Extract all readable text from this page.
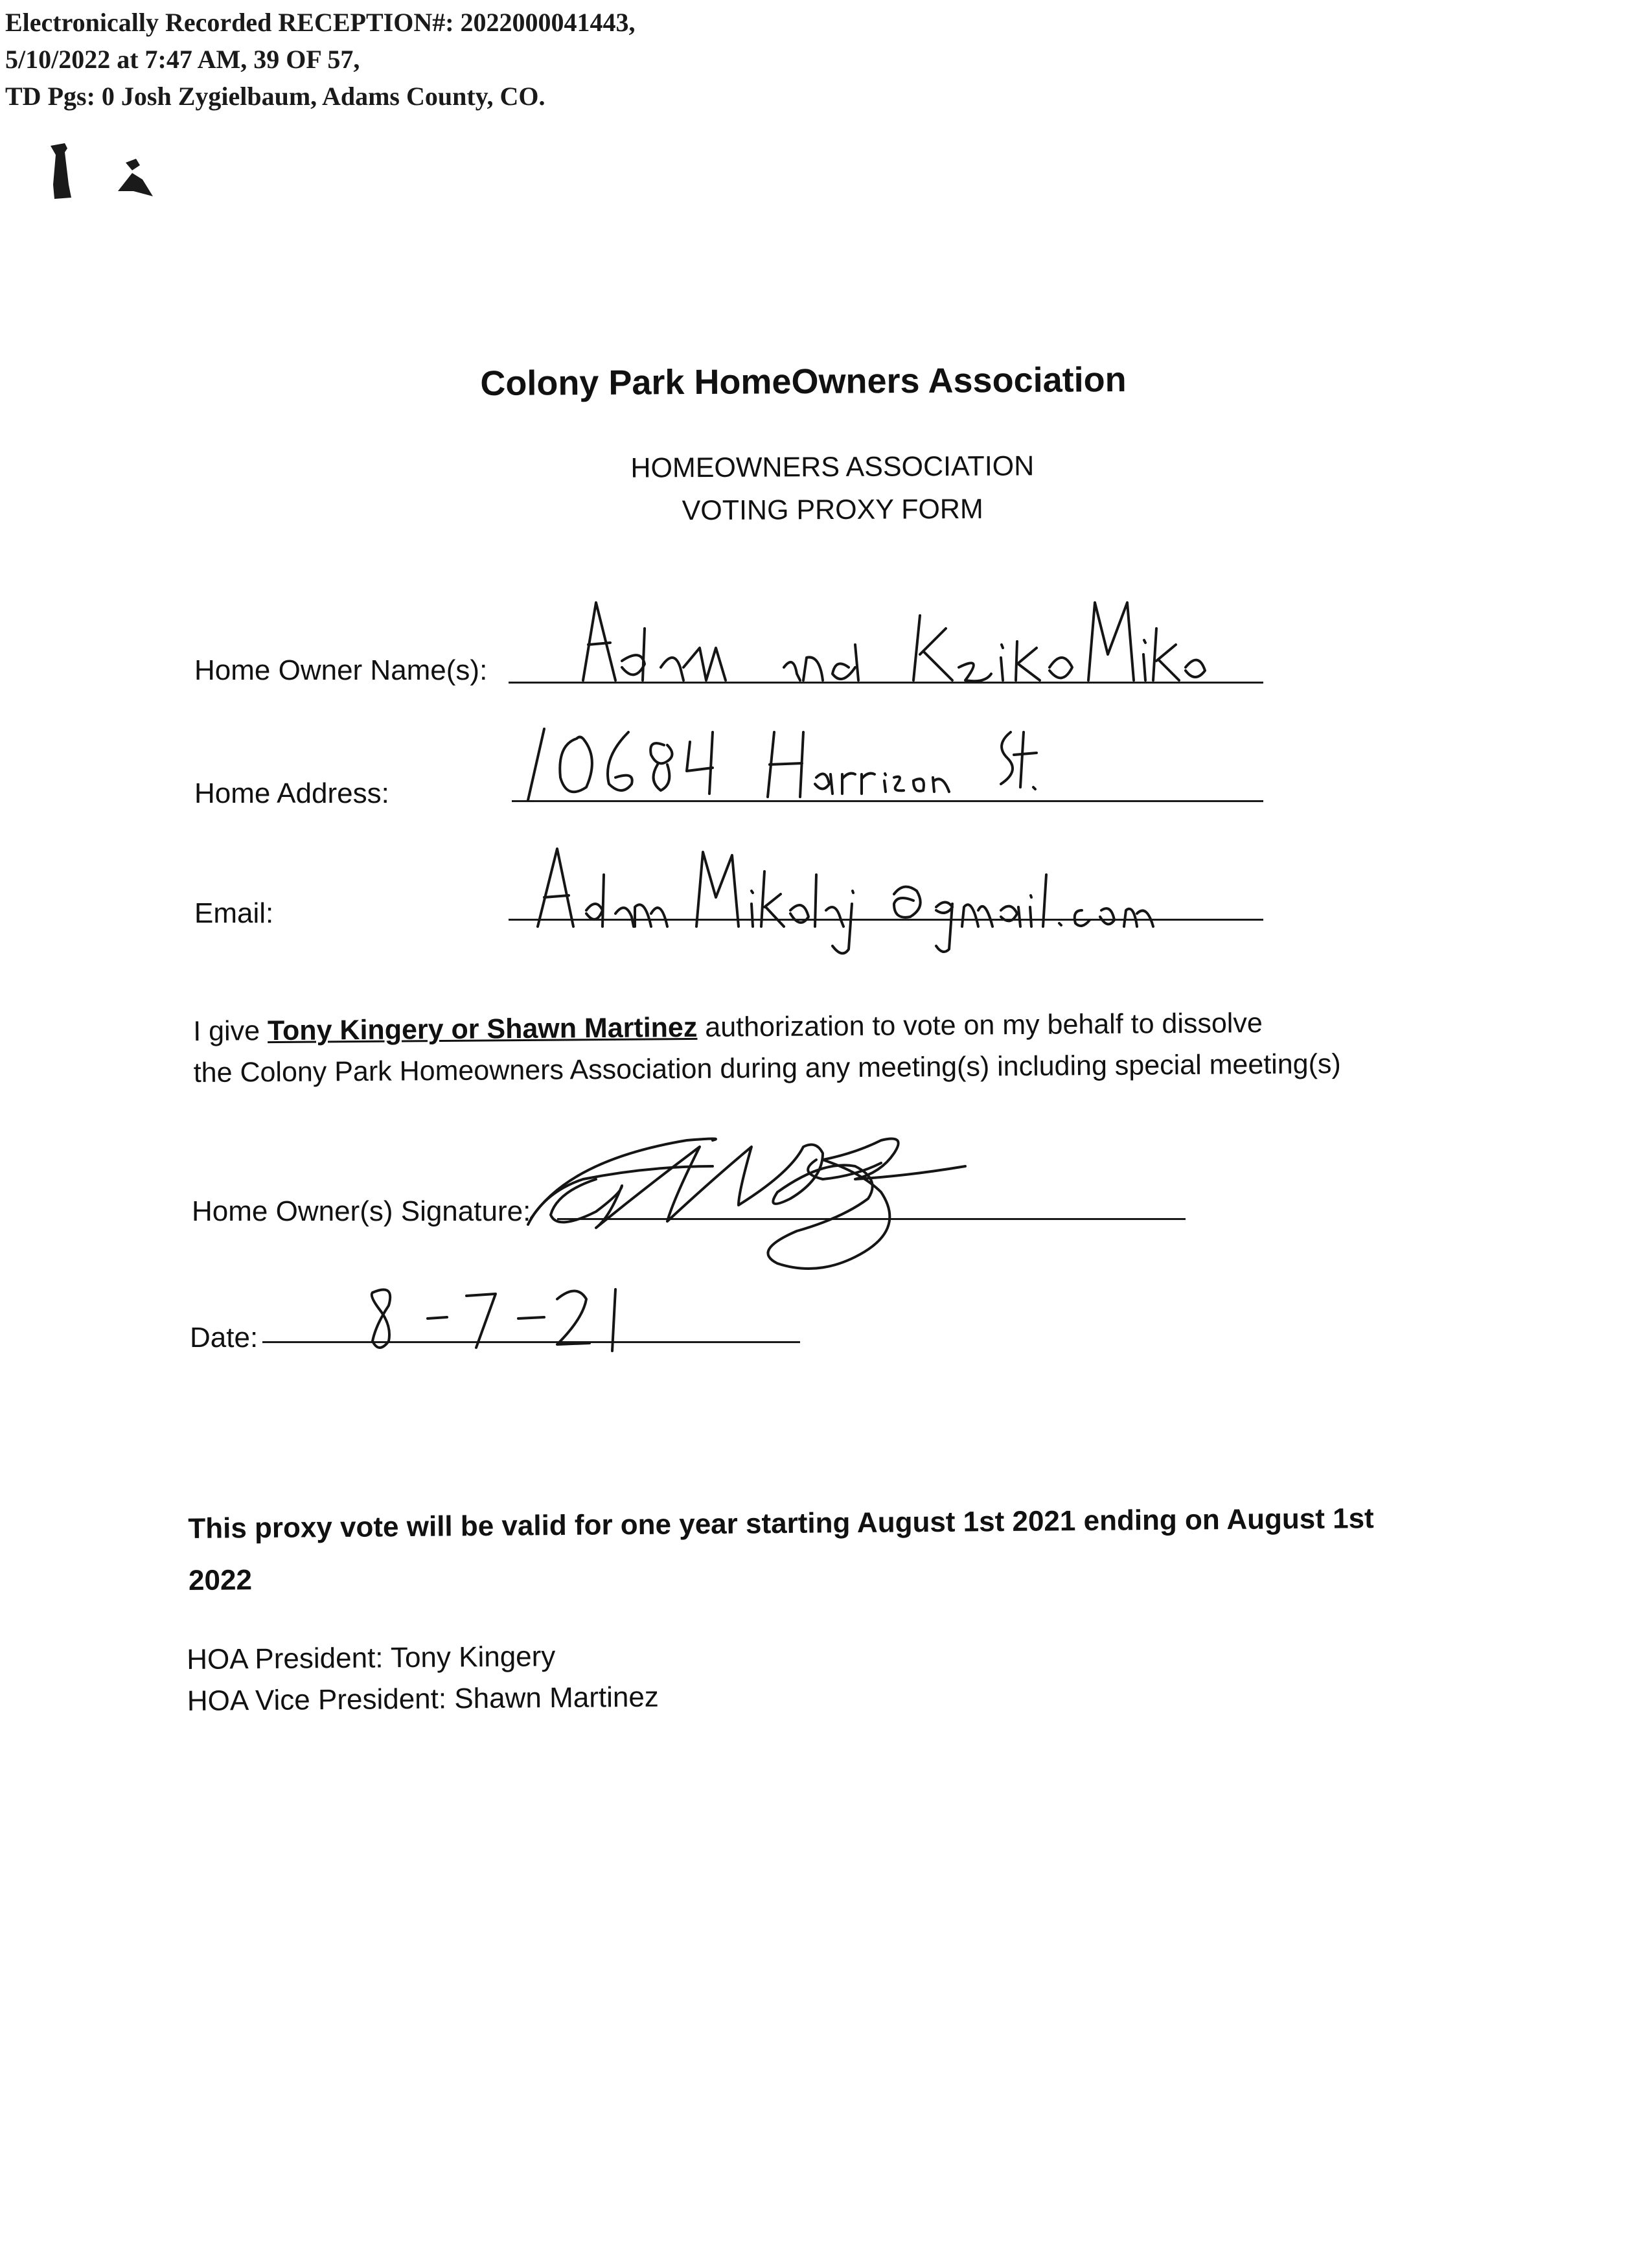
Electronically Recorded RECEPTION#: 2022000041443,
5/10/2022 at 7:47 AM, 39 OF 57,
TD Pgs: 0 Josh Zygielbaum, Adams County, CO.
Colony Park HomeOwners Association
HOMEOWNERS ASSOCIATION
VOTING PROXY FORM
Home Owner Name(s):
Home Address:
Email:
I give Tony Kingery or Shawn Martinez authorization to vote on my behalf to dissolve
the Colony Park Homeowners Association during any meeting(s) including special meeting(s)
Home Owner(s) Signature:
Date:
This proxy vote will be valid for one year starting August 1st 2021 ending on August 1st
2022
HOA President: Tony Kingery
HOA Vice President: Shawn Martinez
